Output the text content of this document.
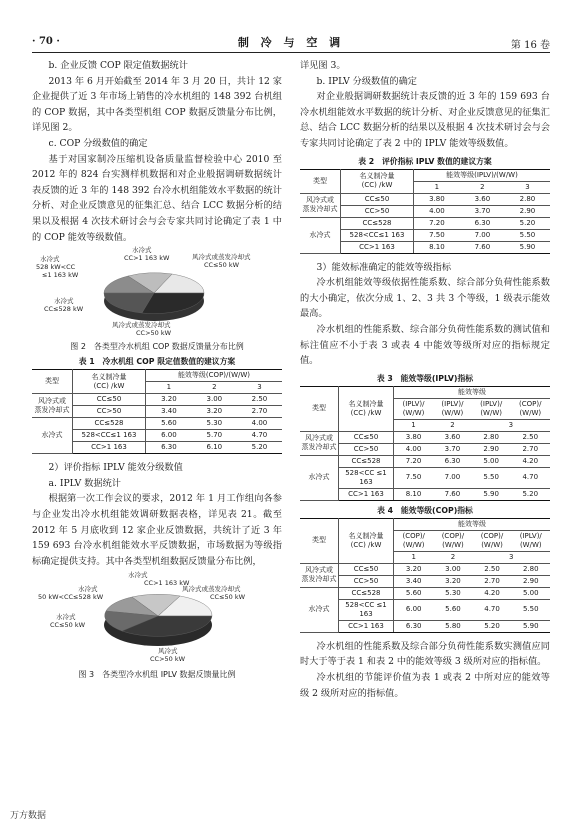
· 70 ·	制 冷 与 空 调	第 16 卷

b. 企业反馈 COP 限定值数据统计

2013 年 6 月开始截至 2014 年 3 月 20 日，共计 12 家企业提供了近 3 年市场上销售的冷水机组的 148 392 台机组的 COP 数据，其中各类型机组 COP 数据反馈量分布比例，详见图 2。

c. COP 分级数值的确定

基于对国家制冷压缩机设备质量监督检验中心 2010 至 2012 年的 824 台实测样机数据和对企业般据调研数据统计表反馈的近 3 年的 148 392 台冷水机组能效水平数据的统计分析、对企业反馈意见的征集汇总、结合 LCC 数据分析的结果以及根据 4 次技术研讨会与会专家共同讨论确定了表 1 中的 COP 能效等级数值。

水冷式
CC>1 163 kW	风冷式或蒸发冷却式
CC≤50 kW
水冷式
528 kW<CC
≤1 163 kW
水冷式
CC≤528 kW
风冷式或蒸发冷却式
CC>50 kW
图 2　各类型冷水机组 COP 数据反馈量分布比例
表 1　冷水机组 COP 限定值数值的建议方案
类型	名义制冷量
(CC) /kW	能效等级(COP)/(W/W)		
		1	2	3
风冷式或
蒸发冷却式	CC≤50	3.20	3.00	2.50
	CC>50	3.40	3.20	2.70
水冷式	CC≤528	5.60	5.30	4.00
	528<CC≤1 163	6.00	5.70	4.70
	CC>1 163	6.30	6.10	5.20

2）评价指标 IPLV 能效分级数值

a. IPLV 数据统计

根据第一次工作会议的要求，2012 年 1 月工作组向各参与企业发出冷水机组能效调研数据表格，详见表 21。截至 2012 年 5 月底收到 12 家企业反馈数据，共统计了近 3 年 159 693 台冷水机组能效水平反馈数据，市场数据为等级指标确定提供支持。其中各类型机组数据反馈量分布比例，

水冷式
CC>1 163 kW
风冷式或蒸发冷却式
CC≤50 kW
水冷式
50 kW<CC≤528 kW
水冷式
CC≤50 kW
风冷式
CC>50 kW
图 3　各类型冷水机组 IPLV 数据反馈量比例

详见图 3。

b. IPLV 分级数值的确定

对企业般据调研数据统计表反馈的近 3 年的 159 693 台冷水机组能效水平数据的统计分析、对企业反馈意见的征集汇总、结合 LCC 数据分析的结果以及根据 4 次技术研讨会与会专家共同讨论确定了表 2 中的 IPLV 能效等级数值。

表 2　评价指标 IPLV 数值的建议方案
类型	名义制冷量
(CC) /kW	能效等级(IPLV)/(W/W)		
		1	2	3
风冷式或
蒸发冷却式	CC≤50	3.80	3.60	2.80
	CC>50	4.00	3.70	2.90
水冷式	CC≤528	7.20	6.30	5.20
	528<CC≤1 163	7.50	7.00	5.50
	CC>1 163	8.10	7.60	5.90

3）能效标准确定的能效等级指标

冷水机组能效等级依据性能系数、综合部分负荷性能系数的大小确定，依次分成 1、2、3 共 3 个等级，1 级表示能效最高。

冷水机组的性能系数、综合部分负荷性能系数的测试值和标注值应不小于表 3 或表 4 中能效等级所对应的指标规定值。

表 3　能效等级(IPLV)指标
类型	名义制冷量
(CC) /kW	能效等级			
		(IPLV)/
(W/W)	(IPLV)/
(W/W)	(IPLV)/
(W/W)	(COP)/
(W/W)
		1	2	3	
风冷式或
蒸发冷却式	CC≤50	3.80	3.60	2.80	2.50
	CC>50	4.00	3.70	2.90	2.70
水冷式	CC≤528	7.20	6.30	5.00	4.20
	528<CC ≤1 163	7.50	7.00	5.50	4.70
	CC>1 163	8.10	7.60	5.90	5.20
表 4　能效等级(COP)指标
类型	名义制冷量
(CC) /kW	能效等级			
		(COP)/
(W/W)	(COP)/
(W/W)	(COP)/
(W/W)	(IPLV)/
(W/W)
		1	2	3	
风冷式或
蒸发冷却式	CC≤50	3.20	3.00	2.50	2.80
	CC>50	3.40	3.20	2.70	2.90
水冷式	CC≤528	5.60	5.30	4.20	5.00
	528<CC ≤1 163	6.00	5.60	4.70	5.50
	CC>1 163	6.30	5.80	5.20	5.90

冷水机组的性能系数及综合部分负荷性能系数实测值应同时大于等于表 1 和表 2 中的能效等级 3 级所对应的指标值。

冷水机组的节能评价值为表 1 或表 2 中所对应的能效等级 2 级所对应的指标值。

万方数据
